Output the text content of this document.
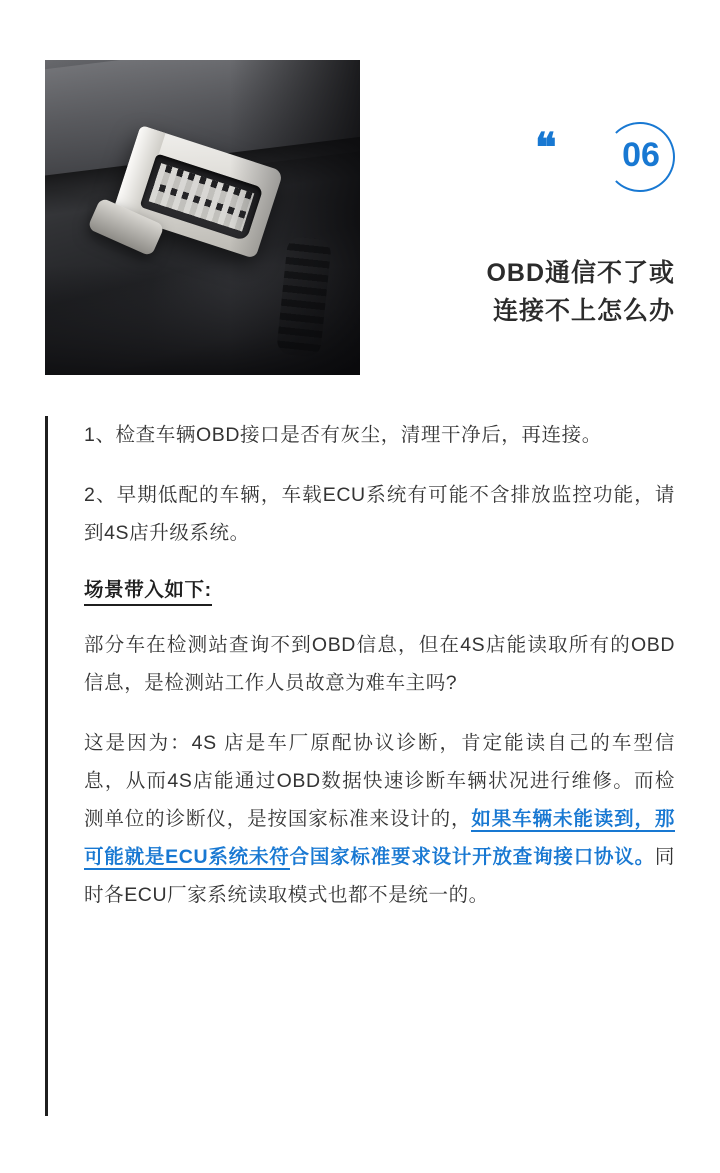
❝	06
OBD通信不了或
连接不上怎么办

1、检查车辆OBD接口是否有灰尘，清理干净后，再连接。

2、早期低配的车辆，车载ECU系统有可能不含排放监控功能，请到4S店升级系统。

场景带入如下:

部分车在检测站查询不到OBD信息，但在4S店能读取所有的OBD信息，是检测站工作人员故意为难车主吗?

这是因为：4S 店是车厂原配协议诊断，肯定能读自己的车型信息，从而4S店能通过OBD数据快速诊断车辆状况进行维修。而检测单位的诊断仪，是按国家标准来设计的，如果车辆未能读到，那可能就是ECU系统未符合国家标准要求设计开放查询接口协议。同时各ECU厂家系统读取模式也都不是统一的。
